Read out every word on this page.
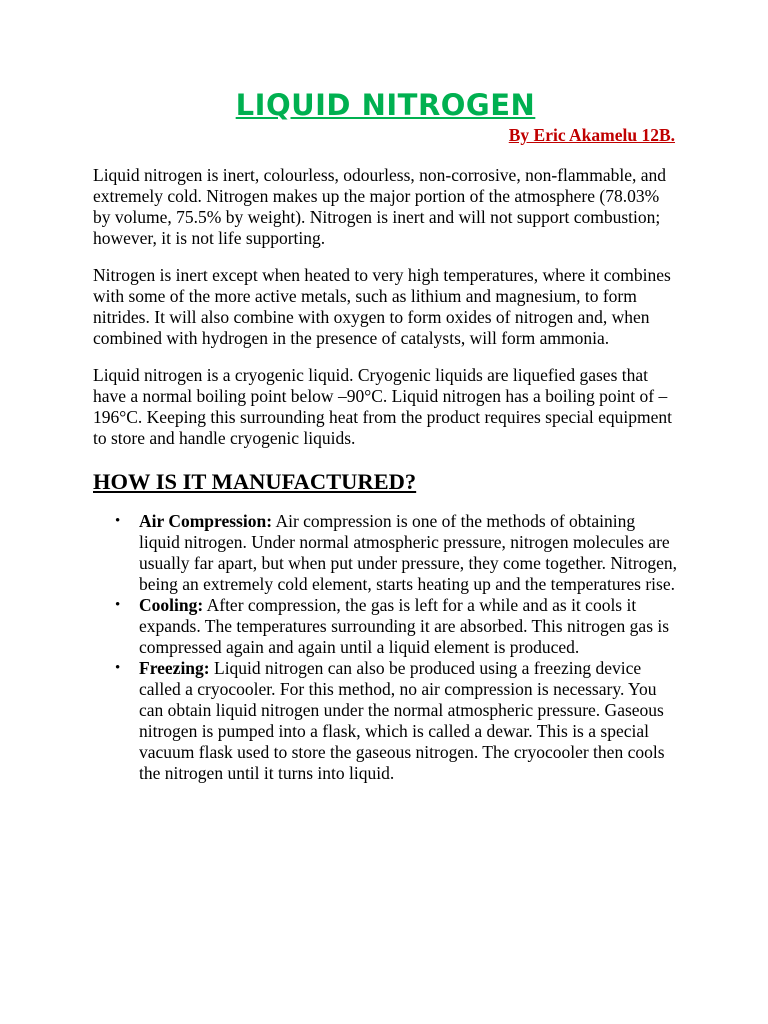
LIQUID NITROGEN

By Eric Akamelu 12B.

Liquid nitrogen is inert, colourless, odourless, non-corrosive, non-flammable, and extremely cold. Nitrogen makes up the major portion of the atmosphere (78.03% by volume, 75.5% by weight). Nitrogen is inert and will not support combustion; however, it is not life supporting.

Nitrogen is inert except when heated to very high temperatures, where it combines with some of the more active metals, such as lithium and magnesium, to form nitrides. It will also combine with oxygen to form oxides of nitrogen and, when combined with hydrogen in the presence of catalysts, will form ammonia.

Liquid nitrogen is a cryogenic liquid. Cryogenic liquids are liquefied gases that have a normal boiling point below –90°C. Liquid nitrogen has a boiling point of –196°C. Keeping this surrounding heat from the product requires special equipment to store and handle cryogenic liquids.

HOW IS IT MANUFACTURED?
• Air Compression: Air compression is one of the methods of obtaining liquid nitrogen. Under normal atmospheric pressure, nitrogen molecules are usually far apart, but when put under pressure, they come together. Nitrogen, being an extremely cold element, starts heating up and the temperatures rise.
• Cooling: After compression, the gas is left for a while and as it cools it expands. The temperatures surrounding it are absorbed. This nitrogen gas is compressed again and again until a liquid element is produced.
• Freezing: Liquid nitrogen can also be produced using a freezing device called a cryocooler. For this method, no air compression is necessary. You can obtain liquid nitrogen under the normal atmospheric pressure. Gaseous nitrogen is pumped into a flask, which is called a dewar. This is a special vacuum flask used to store the gaseous nitrogen. The cryocooler then cools the nitrogen until it turns into liquid.
